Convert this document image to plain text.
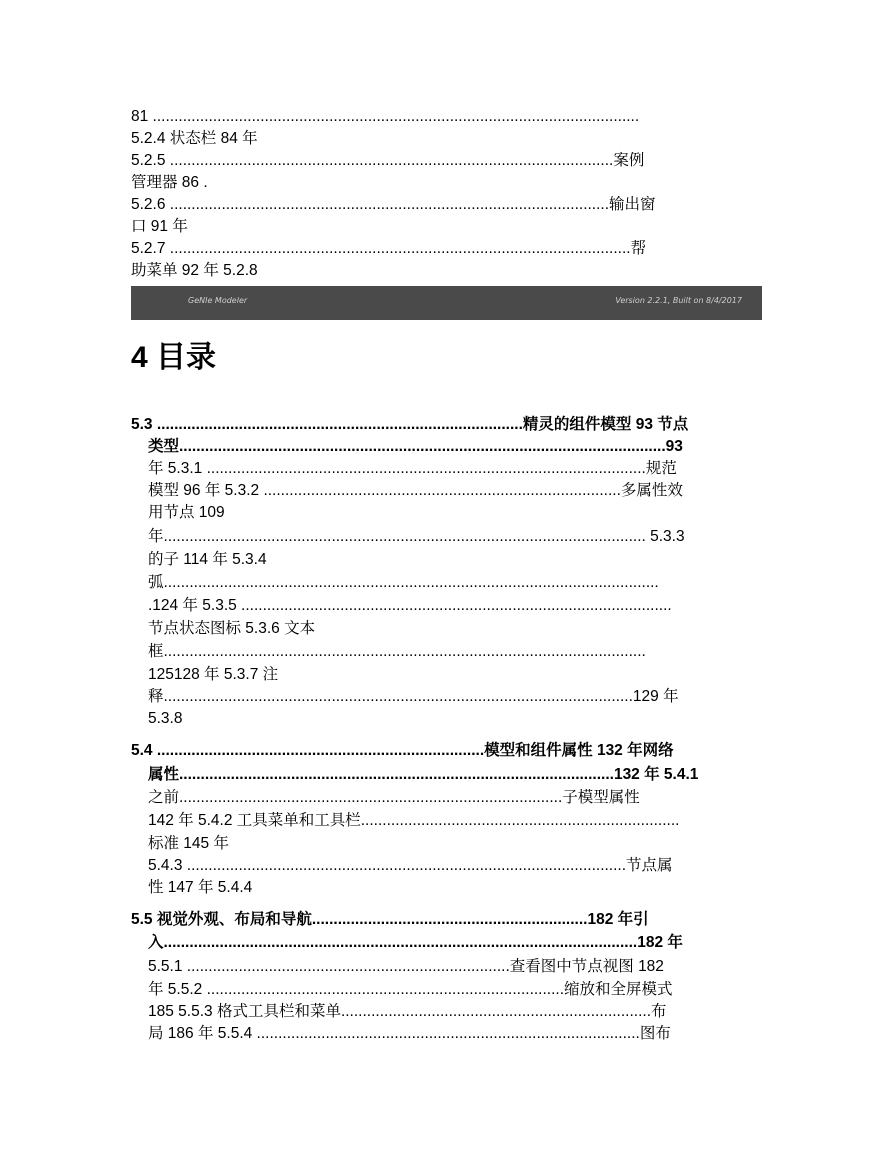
81 .................................................................................................................
5.2.4 状态栏 84 年
5.2.5 .......................................................................................................案例
管理器 86 .
5.2.6 ......................................................................................................输出窗
口 91 年
5.2.7 ...........................................................................................................帮
助菜单 92 年 5.2.8
GeNIe Modeler	Version 2.2.1, Built on 8/4/2017
4 目录
5.3 .....................................................................................精灵的组件模型 93 节点
类型.................................................................................................................93
年 5.3.1 ......................................................................................................规范
模型 96 年 5.3.2 ...................................................................................多属性效
用节点 109
年................................................................................................................ 5.3.3
的子 114 年 5.3.4
弧...................................................................................................................
.124 年 5.3.5 ....................................................................................................
节点状态图标 5.3.6 文本
框................................................................................................................
125128 年 5.3.7 注
释.............................................................................................................129 年
5.3.8
5.4 ............................................................................模型和组件属性 132 年网络
属性.....................................................................................................132 年 5.4.1
之前.........................................................................................子模型属性
142 年 5.4.2 工具菜单和工具栏..........................................................................
标准 145 年
5.4.3 ......................................................................................................节点属
性 147 年 5.4.4
5.5 视觉外观、布局和导航................................................................182 年引
入..............................................................................................................182 年
5.5.1 ...........................................................................查看图中节点视图 182
年 5.5.2 ...................................................................................缩放和全屏模式
185 5.5.3 格式工具栏和菜单........................................................................布
局 186 年 5.5.4 .........................................................................................图布
